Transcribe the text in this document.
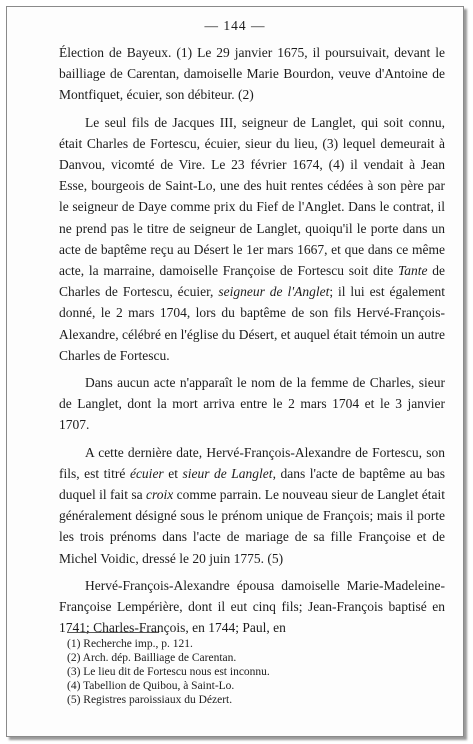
— 144 —

Élection de Bayeux. (1) Le 29 janvier 1675, il poursuivait, devant le bailliage de Carentan, damoiselle Marie Bourdon, veuve d'Antoine de Montfiquet, écuier, son débiteur. (2)

Le seul fils de Jacques III, seigneur de Langlet, qui soit connu, était Charles de Fortescu, écuier, sieur du lieu, (3) lequel demeurait à Danvou, vicomté de Vire. Le 23 février 1674, (4) il vendait à Jean Esse, bourgeois de Saint-Lo, une des huit rentes cédées à son père par le seigneur de Daye comme prix du Fief de l'Anglet. Dans le contrat, il ne prend pas le titre de seigneur de Langlet, quoiqu'il le porte dans un acte de baptême reçu au Désert le 1er mars 1667, et que dans ce même acte, la marraine, damoiselle Françoise de Fortescu soit dite Tante de Charles de Fortescu, écuier, seigneur de l'Anglet; il lui est également donné, le 2 mars 1704, lors du baptême de son fils Hervé-François-Alexandre, célébré en l'église du Désert, et auquel était témoin un autre Charles de Fortescu.

Dans aucun acte n'apparaît le nom de la femme de Charles, sieur de Langlet, dont la mort arriva entre le 2 mars 1704 et le 3 janvier 1707.

A cette dernière date, Hervé-François-Alexandre de Fortescu, son fils, est titré écuier et sieur de Langlet, dans l'acte de baptême au bas duquel il fait sa croix comme parrain. Le nouveau sieur de Langlet était généralement désigné sous le prénom unique de François; mais il porte les trois prénoms dans l'acte de mariage de sa fille Françoise et de Michel Voidic, dressé le 20 juin 1775. (5)

Hervé-François-Alexandre épousa damoiselle Marie-Madeleine-Françoise Lempérière, dont il eut cinq fils; Jean-François baptisé en 1741; Charles-François, en 1744; Paul, en

(1) Recherche imp., p. 121.
(2) Arch. dép. Bailliage de Carentan.
(3) Le lieu dit de Fortescu nous est inconnu.
(4) Tabellion de Quibou, à Saint-Lo.
(5) Registres paroissiaux du Dézert.
